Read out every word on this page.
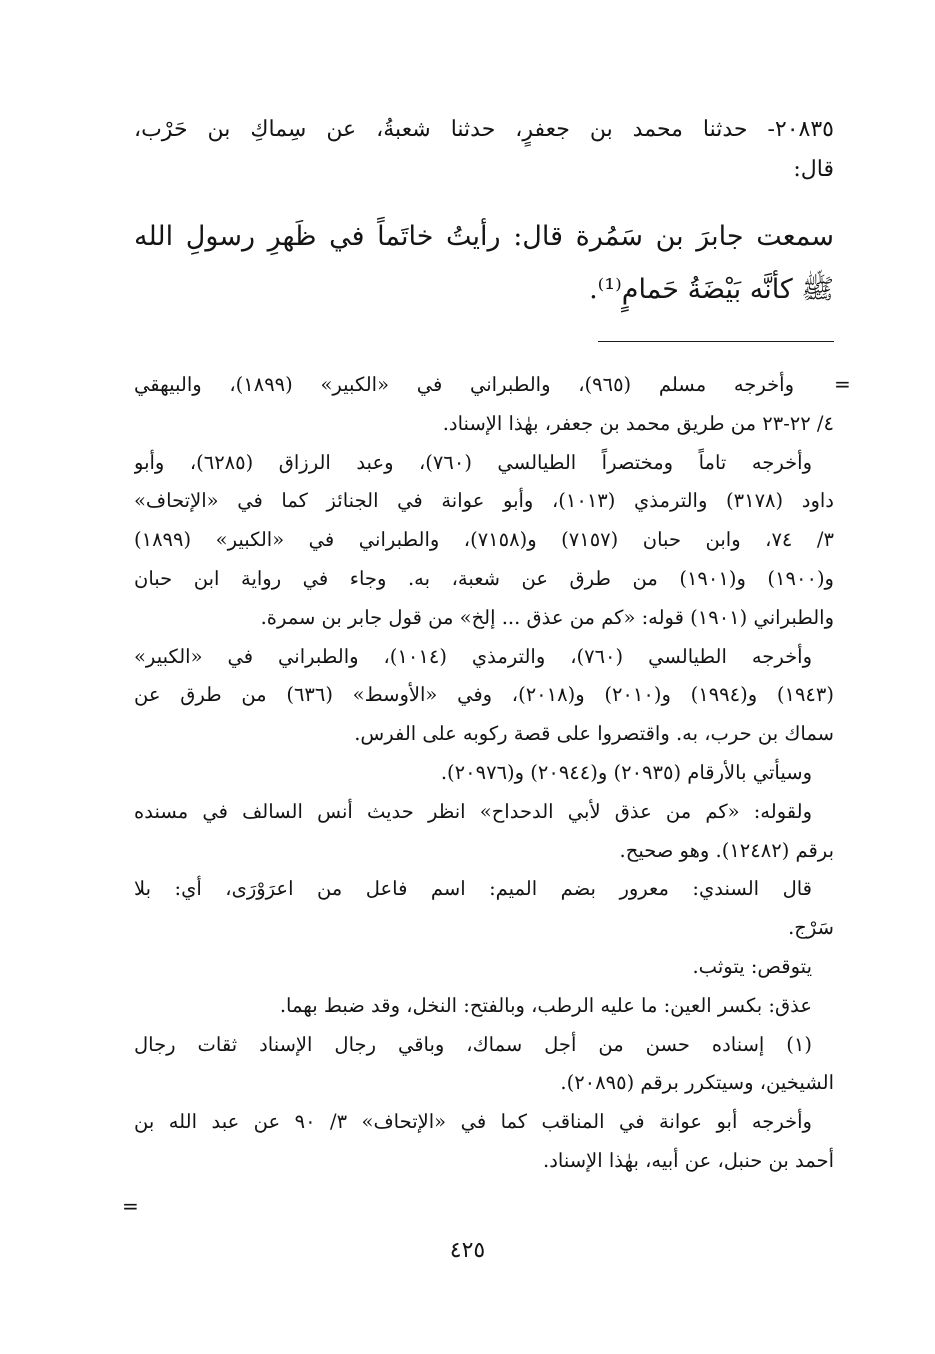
٢٠٨٣٥- حدثنا محمد بن جعفرٍ، حدثنا شعبةُ، عن سِماكِ بن حَرْب،
قال:
سمعت جابرَ بن سَمُرة قال: رأيتُ خاتَماً في ظَهرِ رسولِ الله
ﷺ كأنَّه بَيْضَةُ حَمامٍ⁽¹⁾.
=
وأخرجه مسلم (٩٦٥)، والطبراني في «الكبير» (١٨٩٩)، والبيهقي
٤/ ٢٢-٢٣ من طريق محمد بن جعفر، بهٰذا الإسناد.
وأخرجه تاماً ومختصراً الطيالسي (٧٦٠)، وعبد الرزاق (٦٢٨٥)، وأبو
داود (٣١٧٨) والترمذي (١٠١٣)، وأبو عوانة في الجنائز كما في «الإتحاف»
٣/ ٧٤، وابن حبان (٧١٥٧) و(٧١٥٨)، والطبراني في «الكبير» (١٨٩٩)
و(١٩٠٠) و(١٩٠١) من طرق عن شعبة، به. وجاء في رواية ابن حبان
والطبراني (١٩٠١) قوله: «كم من عذق ... إلخ» من قول جابر بن سمرة.
وأخرجه الطيالسي (٧٦٠)، والترمذي (١٠١٤)، والطبراني في «الكبير»
(١٩٤٣) و(١٩٩٤) و(٢٠١٠) و(٢٠١٨)، وفي «الأوسط» (٦٣٦) من طرق عن
سماك بن حرب، به. واقتصروا على قصة ركوبه على الفرس.
وسيأتي بالأرقام (٢٠٩٣٥) و(٢٠٩٤٤) و(٢٠٩٧٦).
ولقوله: «كم من عذق لأبي الدحداح» انظر حديث أنس السالف في مسنده
برقم (١٢٤٨٢). وهو صحيح.
قال السندي: معرور بضم الميم: اسم فاعل من اعرَوْرَى، أي: بلا
سَرْج.
يتوقص: يتوثب.
عذق: بكسر العين: ما عليه الرطب، وبالفتح: النخل، وقد ضبط بهما.
(١) إسناده حسن من أجل سماك، وباقي رجال الإسناد ثقات رجال
الشيخين، وسيتكرر برقم (٢٠٨٩٥).
وأخرجه أبو عوانة في المناقب كما في «الإتحاف» ٣/ ٩٠ عن عبد الله بن
أحمد بن حنبل، عن أبيه، بهٰذا الإسناد.
=
٤٢٥
